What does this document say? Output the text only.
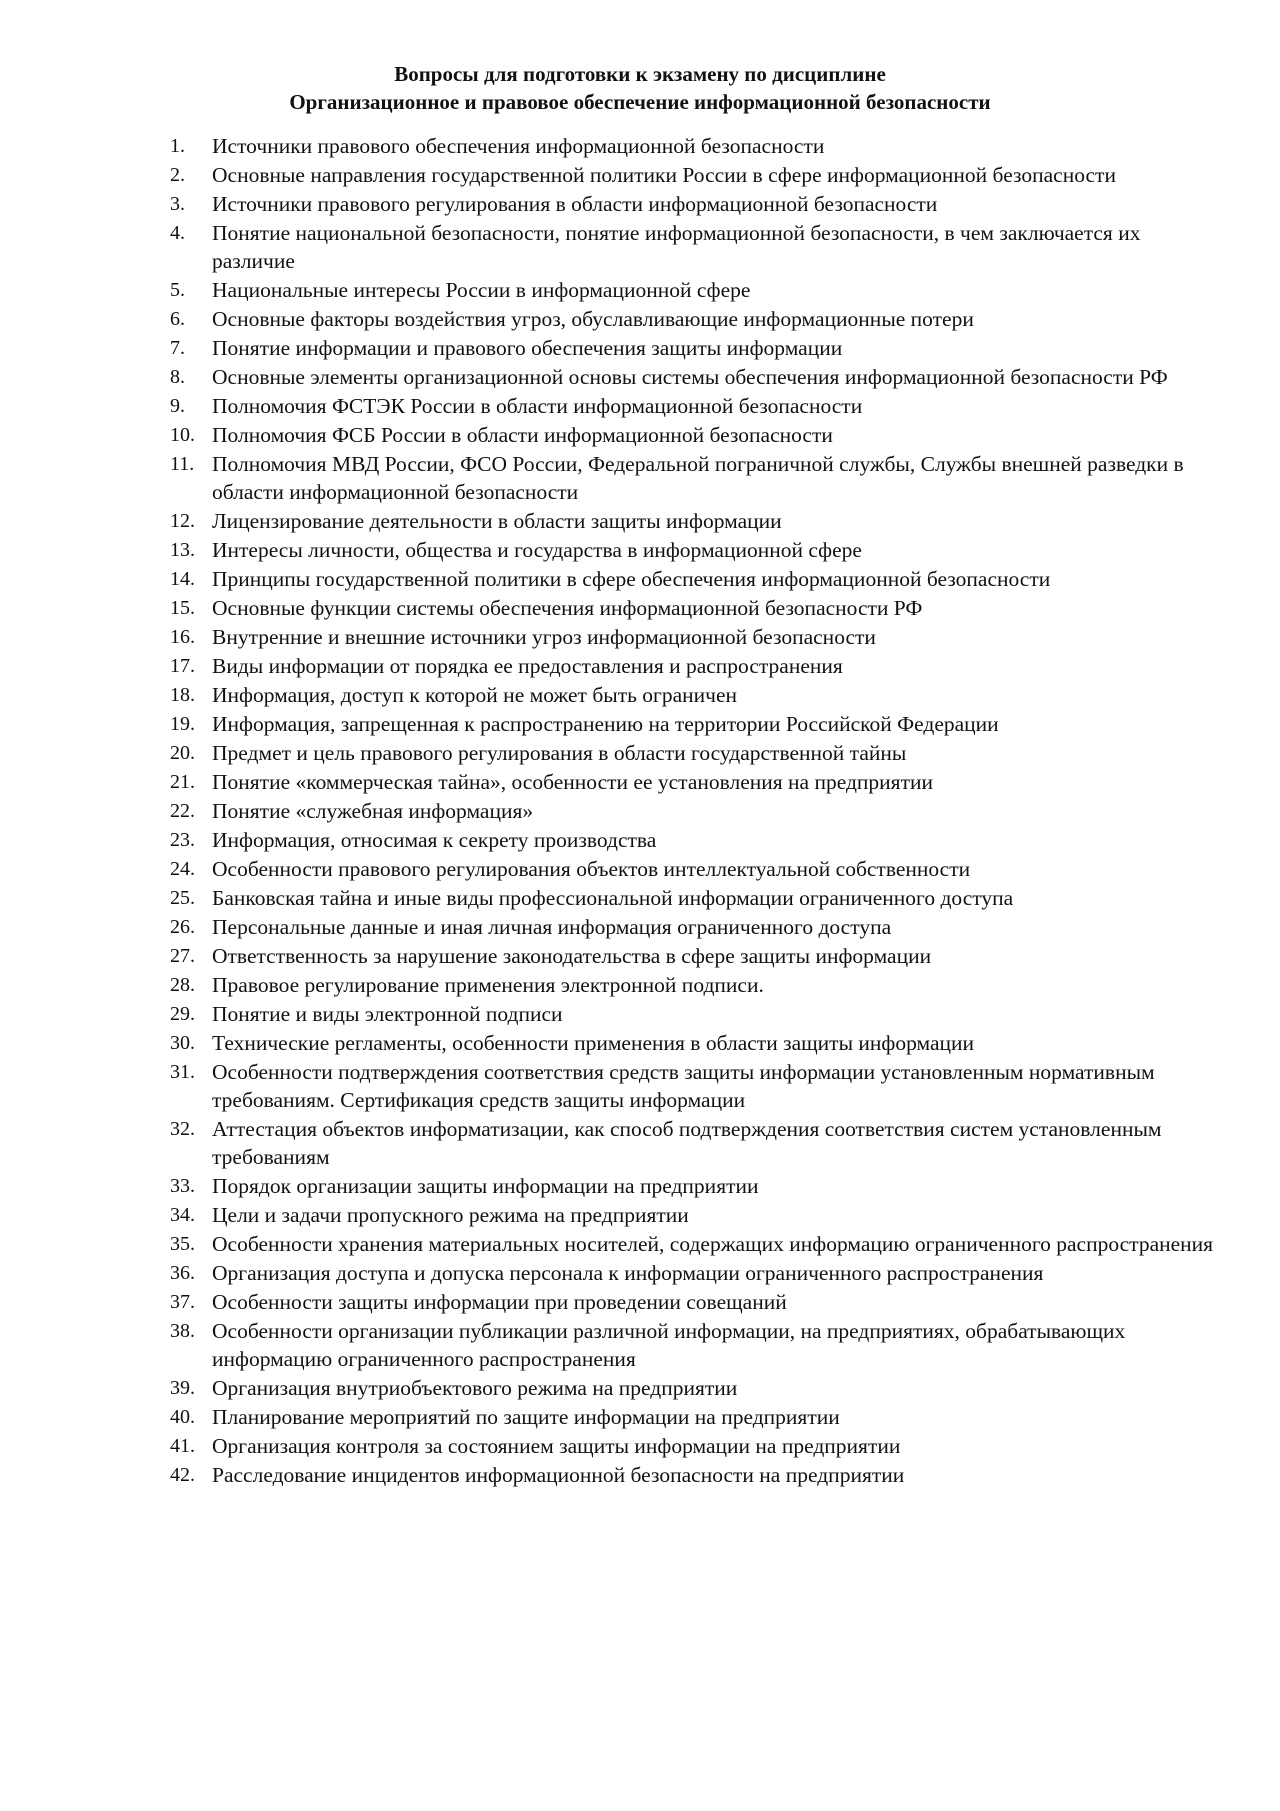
Вопросы для подготовки к экзамену по дисциплине

Организационное и правовое обеспечение информационной безопасности

1.	Источники правового обеспечения информационной безопасности
2.	Основные направления государственной политики России в сфере информационной безопасности
3.	Источники правового регулирования в области информационной безопасности
4.	Понятие национальной безопасности, понятие информационной безопасности, в чем заключается их различие
5.	Национальные интересы России в информационной сфере
6.	Основные факторы воздействия угроз, обуславливающие информационные потери
7.	Понятие информации и правового обеспечения защиты информации
8.	Основные элементы организационной основы системы обеспечения информационной безопасности РФ
9.	Полномочия ФСТЭК России в области информационной безопасности
10. Полномочия ФСБ России в области информационной безопасности
11. Полномочия МВД России, ФСО России, Федеральной пограничной службы, Службы внешней разведки в области информационной безопасности
12. Лицензирование деятельности в области защиты информации
13. Интересы личности, общества и государства в информационной сфере
14. Принципы государственной политики в сфере обеспечения информационной безопасности
15. Основные функции системы обеспечения информационной безопасности РФ
16. Внутренние и внешние источники угроз информационной безопасности
17. Виды информации от порядка ее предоставления и распространения
18. Информация, доступ к которой не может быть ограничен
19. Информация, запрещенная к распространению на территории Российской Федерации
20. Предмет и цель правового регулирования в области государственной тайны
21. Понятие «коммерческая тайна», особенности ее установления на предприятии
22. Понятие «служебная информация»
23. Информация, относимая к секрету производства
24. Особенности правового регулирования объектов интеллектуальной собственности
25. Банковская тайна и иные виды профессиональной информации ограниченного доступа
26. Персональные данные и иная личная информация ограниченного доступа
27. Ответственность за нарушение законодательства в сфере защиты информации
28. Правовое регулирование применения электронной подписи.
29. Понятие и виды электронной подписи
30. Технические регламенты, особенности применения в области защиты информации
31. Особенности подтверждения соответствия средств защиты информации установленным нормативным требованиям. Сертификация средств защиты информации
32. Аттестация объектов информатизации, как способ подтверждения соответствия систем установленным требованиям
33. Порядок организации защиты информации на предприятии
34. Цели и задачи пропускного режима на предприятии
35. Особенности хранения материальных носителей, содержащих информацию ограниченного распространения
36. Организация доступа и допуска персонала к информации ограниченного распространения
37. Особенности защиты информации при проведении совещаний
38. Особенности организации публикации различной информации, на предприятиях, обрабатывающих информацию ограниченного распространения
39. Организация внутриобъектового режима на предприятии
40. Планирование мероприятий по защите информации на предприятии
41. Организация контроля за состоянием защиты информации на предприятии
42. Расследование инцидентов информационной безопасности на предприятии
